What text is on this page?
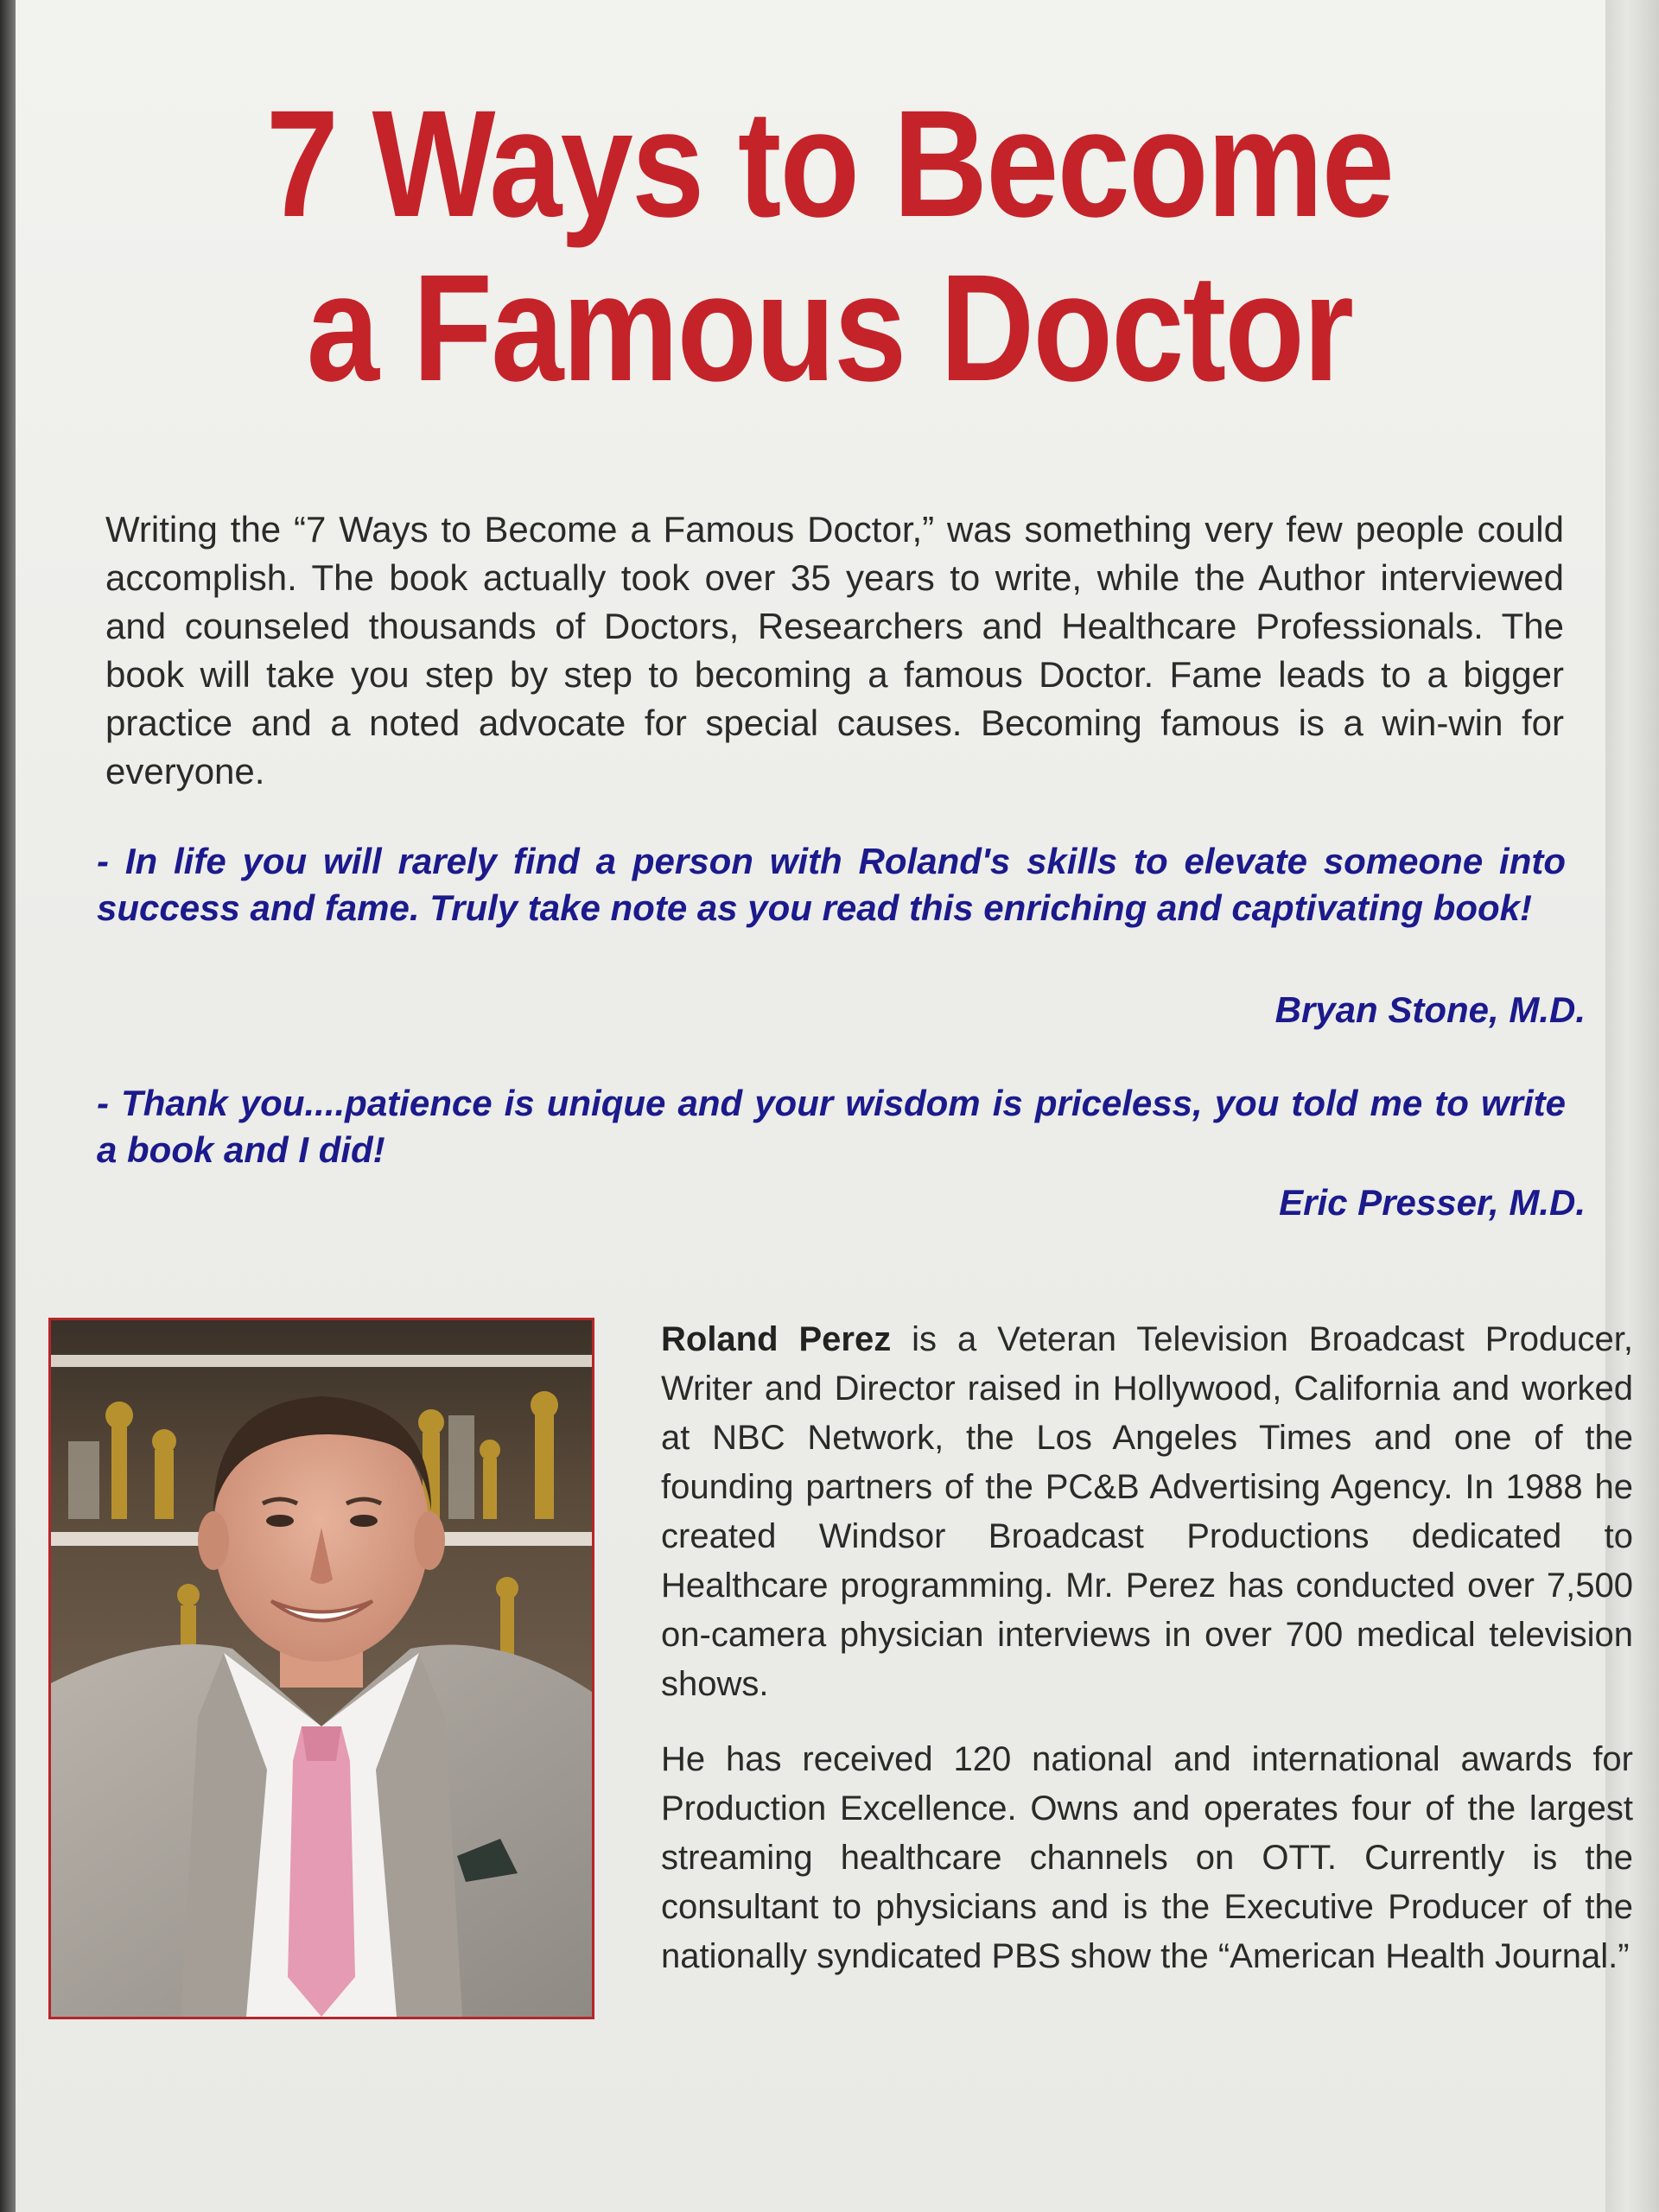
7 Ways to Become
a Famous Doctor

Writing the “7 Ways to Become a Famous Doctor,” was something very few people could accomplish. The book actually took over 35 years to write, while the Author interviewed and counseled thousands of Doctors, Researchers and Healthcare Professionals. The book will take you step by step to becoming a famous Doctor. Fame leads to a bigger practice and a noted advocate for special causes. Becoming famous is a win-win for everyone.

- In life you will rarely find a person with Roland's skills to elevate someone into success and fame. Truly take note as you read this enriching and captivating book!

Bryan Stone, M.D.

- Thank you....patience is unique and your wisdom is priceless, you told me to write a book and I did!

Eric Presser, M.D.

Roland Perez is a Veteran Television Broadcast Producer, Writer and Director raised in Hollywood, California and worked at NBC Network, the Los Angeles Times and one of the founding partners of the PC&B Advertising Agency. In 1988 he created Windsor Broadcast Productions dedicated to Healthcare programming. Mr. Perez has conducted over 7,500 on-camera physician interviews in over 700 medical television shows.

He has received 120 national and international awards for Production Excellence. Owns and operates four of the largest streaming healthcare channels on OTT. Currently is the consultant to physicians and is the Executive Producer of the nationally syndicated PBS show the “American Health Journal.”
